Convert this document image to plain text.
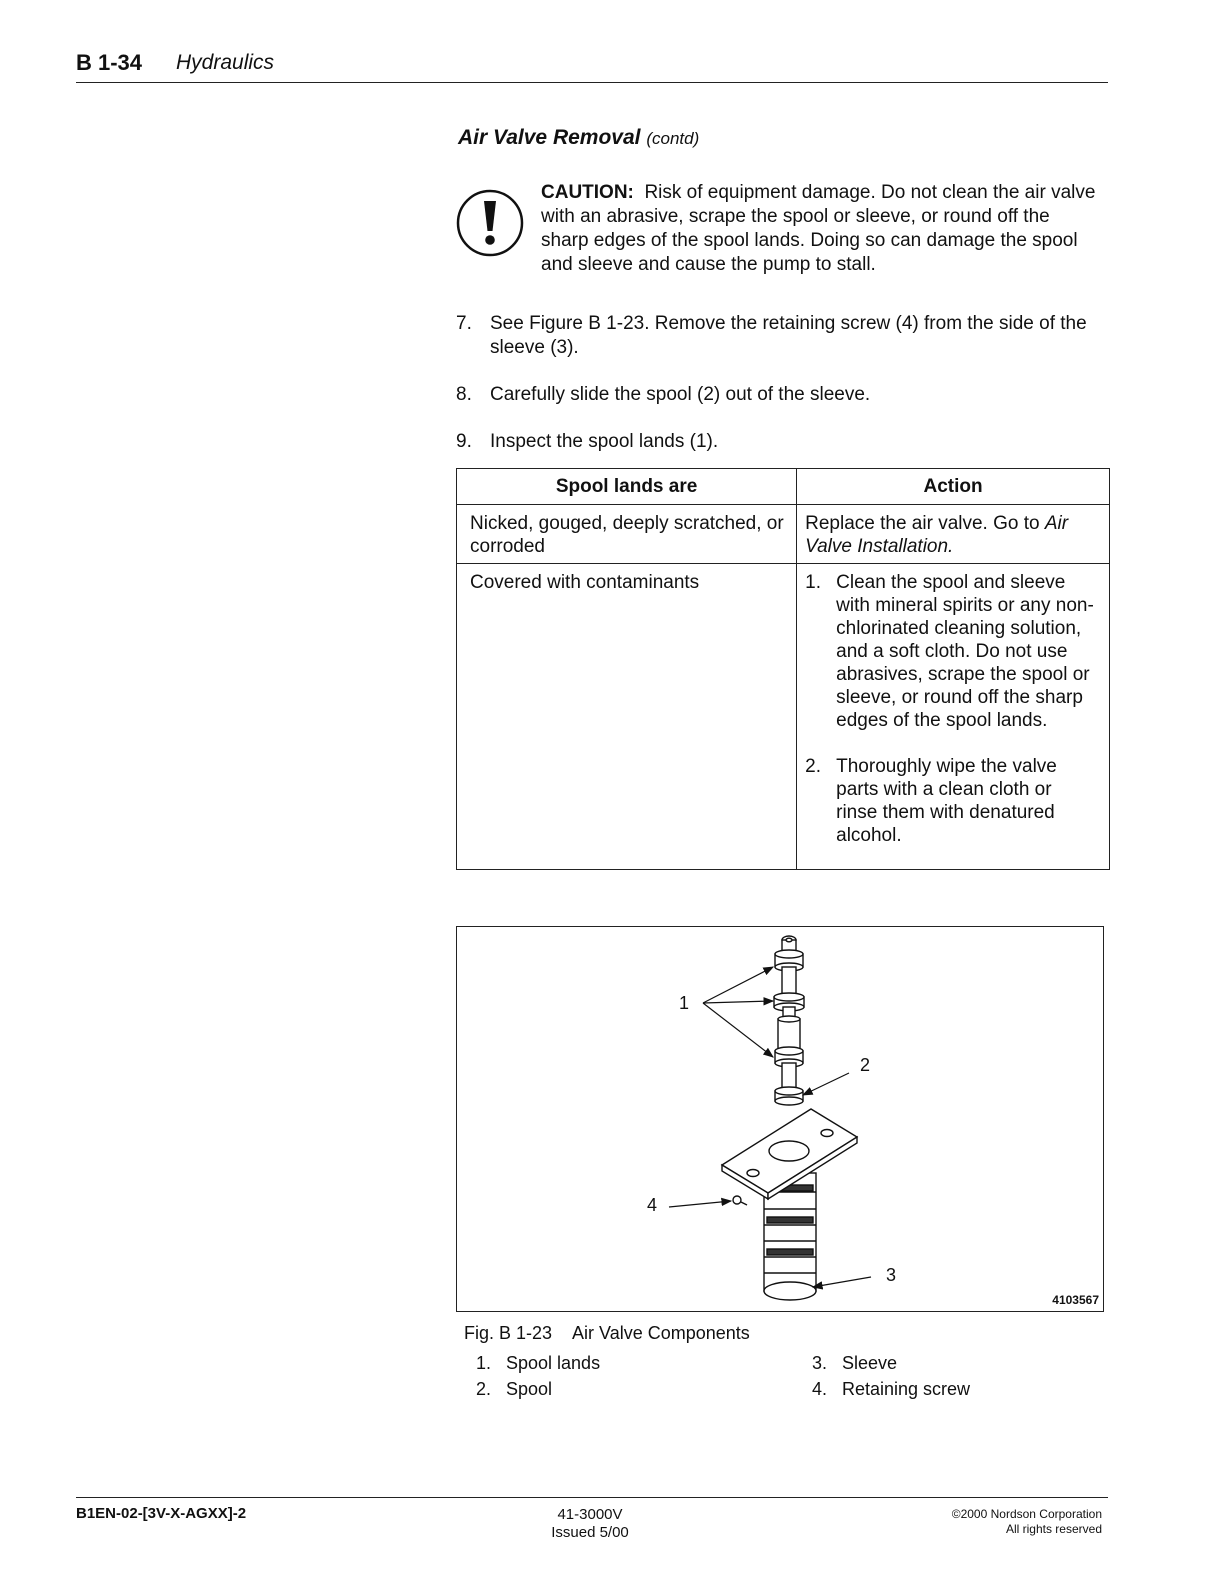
B 1-34 Hydraulics
Air Valve Removal (contd)
CAUTION: Risk of equipment damage. Do not clean the air valve with an abrasive, scrape the spool or sleeve, or round off the sharp edges of the spool lands. Doing so can damage the spool and sleeve and cause the pump to stall.
7. See Figure B 1-23. Remove the retaining screw (4) from the side of the sleeve (3).
8. Carefully slide the spool (2) out of the sleeve.
9. Inspect the spool lands (1).
Spool lands are	Action
Nicked, gouged, deeply scratched, or corroded	Replace the air valve. Go to Air Valve Installation.
Covered with contaminants	1. Clean the spool and sleeve with mineral spirits or any non-chlorinated cleaning solution, and a soft cloth. Do not use abrasives, scrape the spool or sleeve, or round off the sharp edges of the spool lands.
2. Thoroughly wipe the valve parts with a clean cloth or rinse them with denatured alcohol.
1
2
3
4
4103567
Fig. B 1-23 Air Valve Components
1. Spool lands
2. Spool
3. Sleeve
4. Retaining screw
B1EN-02-[3V-X-AGXX]-2	41-3000V
Issued 5/00
©2000 Nordson Corporation
All rights reserved
